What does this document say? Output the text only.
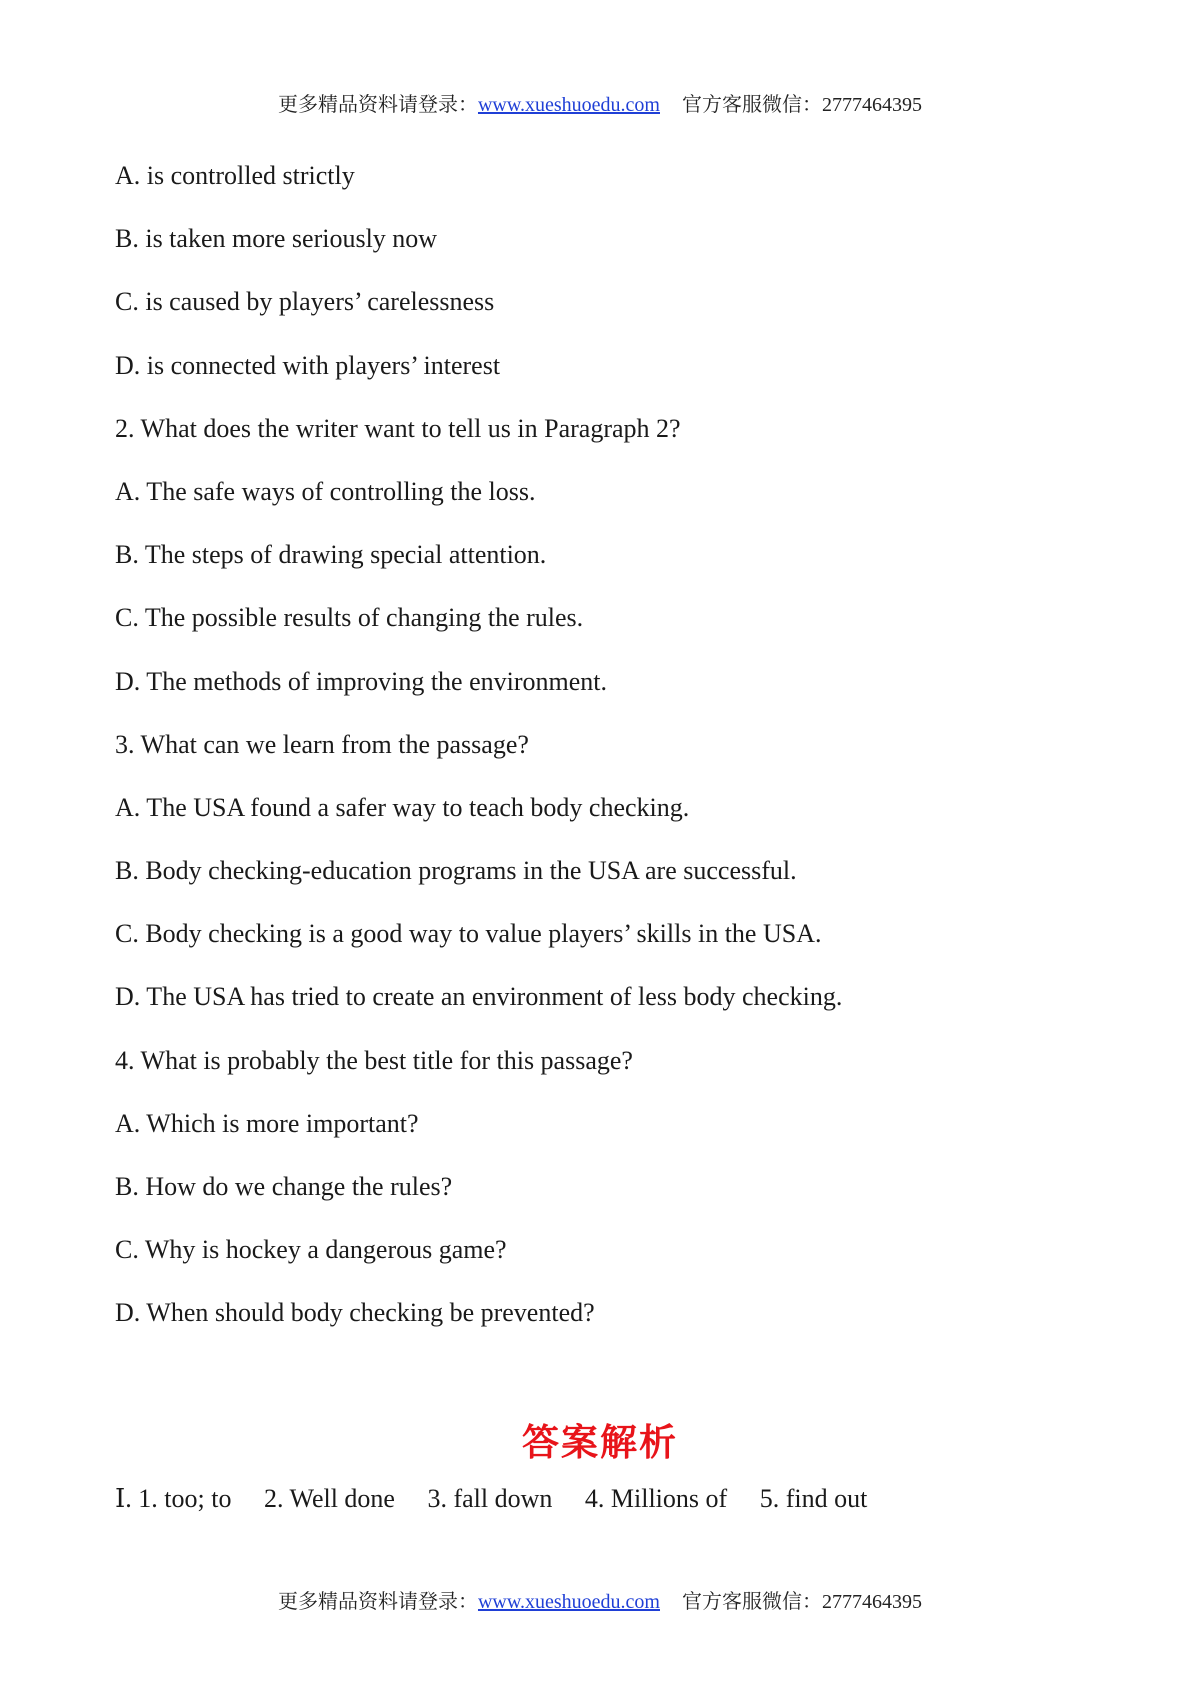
更多精品资料请登录：www.xueshuoedu.com 官方客服微信：2777464395
A. is controlled strictly
B. is taken more seriously now
C. is caused by players’ carelessness
D. is connected with players’ interest
2. What does the writer want to tell us in Paragraph 2?
A. The safe ways of controlling the loss.
B. The steps of drawing special attention.
C. The possible results of changing the rules.
D. The methods of improving the environment.
3. What can we learn from the passage?
A. The USA found a safer way to teach body checking.
B. Body checking-education programs in the USA are successful.
C. Body checking is a good way to value players’ skills in the USA.
D. The USA has tried to create an environment of less body checking.
4. What is probably the best title for this passage?
A. Which is more important?
B. How do we change the rules?
C. Why is hockey a dangerous game?
D. When should body checking be prevented?
答案解析
Ⅰ. 1. too; to 2. Well done 3. fall down 4. Millions of 5. find out
更多精品资料请登录：www.xueshuoedu.com 官方客服微信：2777464395
